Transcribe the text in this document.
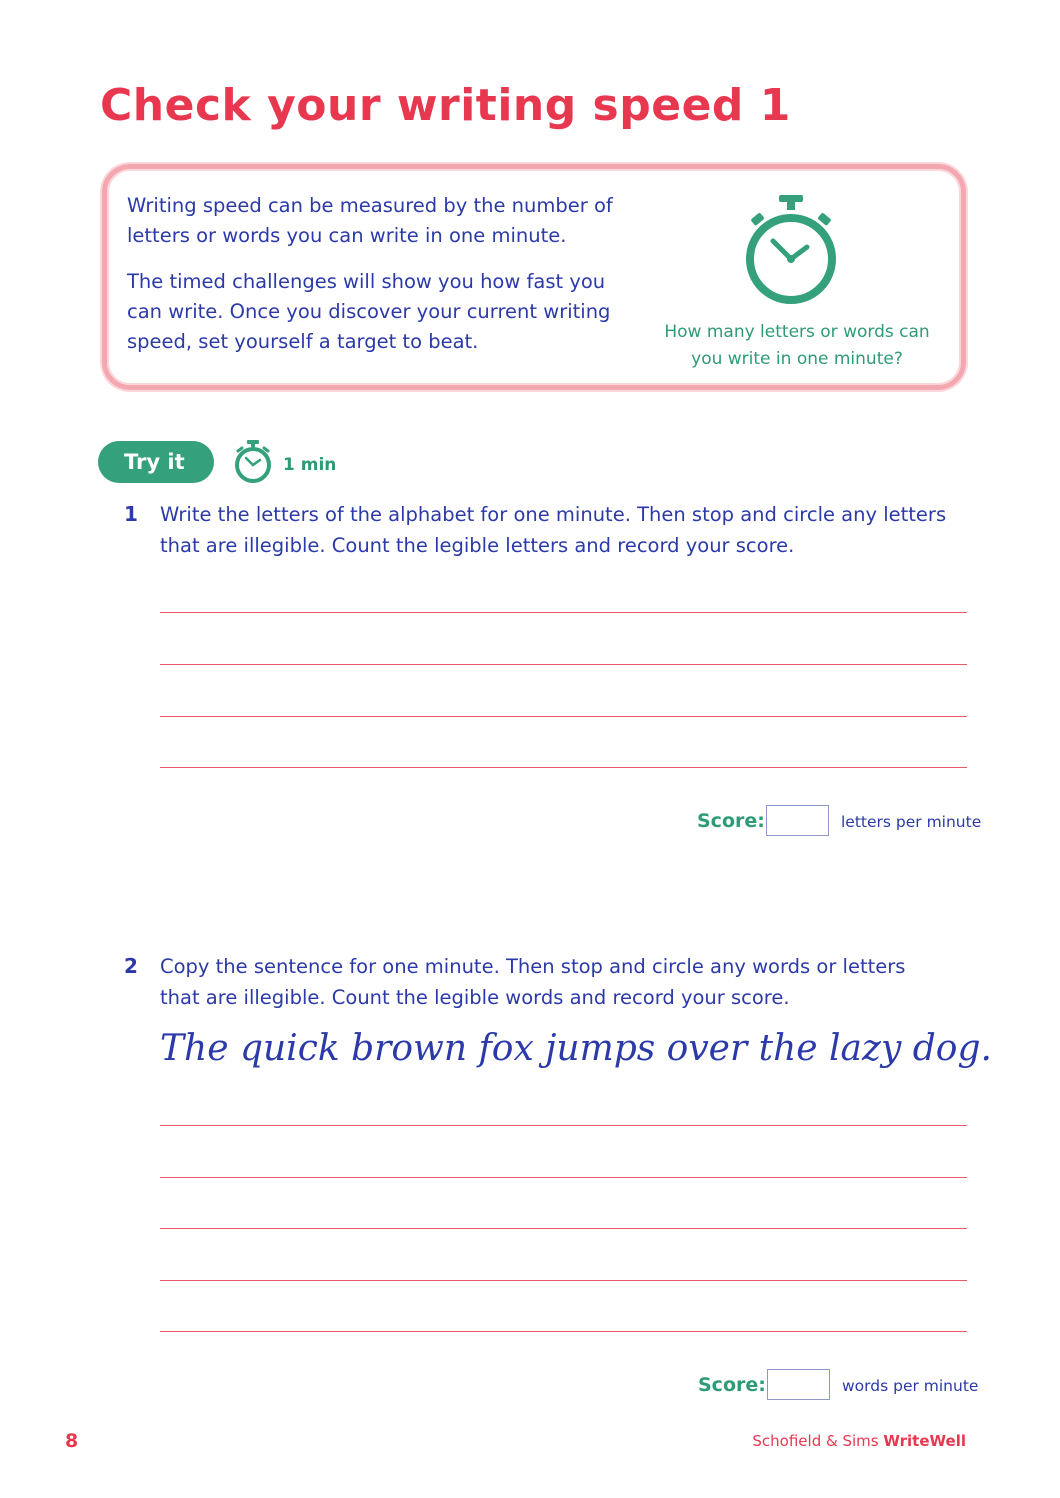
Check your writing speed 1

Writing speed can be measured by the number of letters or words you can write in one minute.

The timed challenges will show you how fast you can write. Once you discover your current writing speed, set yourself a target to beat.	How many letters or words can
you write in one minute?
Try it	1 min
1 Write the letters of the alphabet for one minute. Then stop and circle any letters
that are illegible. Count the legible letters and record your score.
Score:	letters per minute
2 Copy the sentence for one minute. Then stop and circle any words or letters
that are illegible. Count the legible words and record your score.
The quick brown fox jumps over the lazy dog.
Score:	words per minute
8	Schofield & Sims WriteWell
